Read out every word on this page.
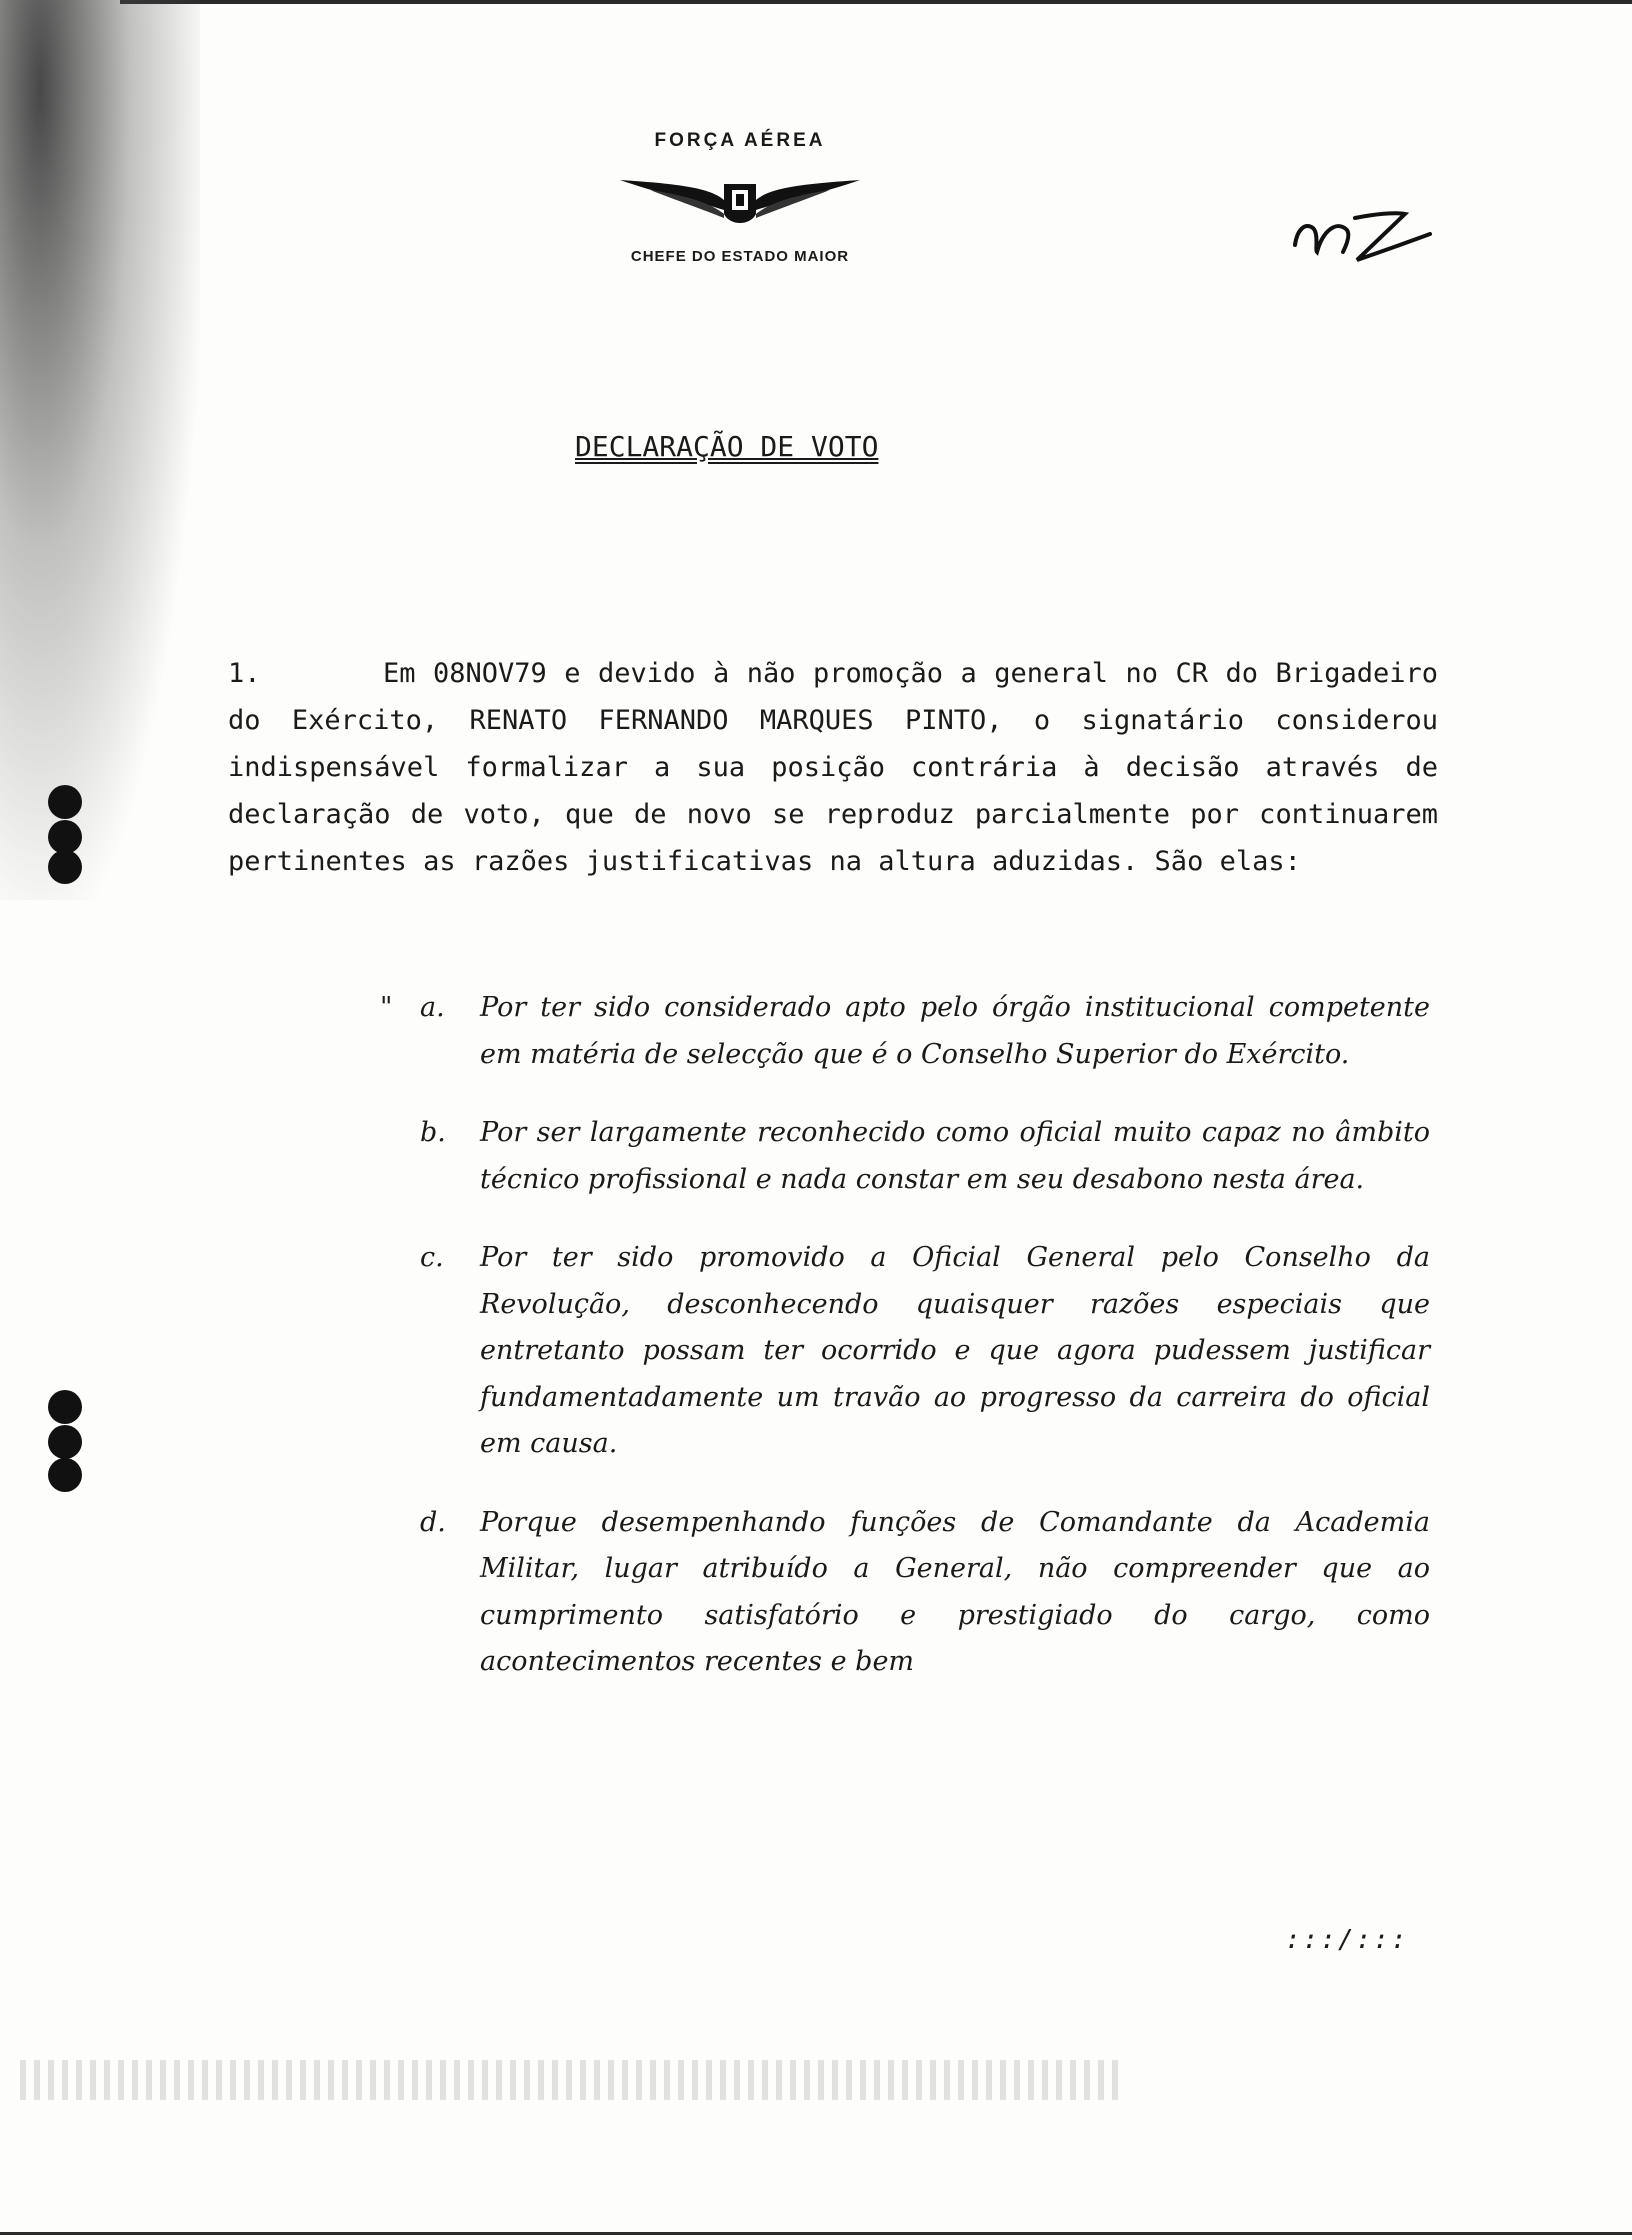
FORÇA AÉREA
CHEFE DO ESTADO MAIOR
DECLARAÇÃO DE VOTO
1.	Em 08NOV79 e devido à não promoção a general no CR do Brigadeiro do Exército, RENATO FERNANDO MARQUES PINTO, o signatário considerou indispensável formalizar a sua posição contrária à decisão através de declaração de voto, que de novo se reproduz parcialmente por continuarem pertinentes as razões justificativas na altura aduzidas. São elas:
" a. Por ter sido considerado apto pelo órgão institucional competente em matéria de selecção que é o Conselho Superior do Exército.
b. Por ser largamente reconhecido como oficial muito capaz no âmbito técnico profissional e nada constar em seu desabono nesta área.
c. Por ter sido promovido a Oficial General pelo Conselho da Revolução, desconhecendo quaisquer razões especiais que entretanto possam ter ocorrido e que agora pudessem justificar fundamentadamente um travão ao progresso da carreira do oficial em causa.
d. Porque desempenhando funções de Comandante da Academia Militar, lugar atribuído a General, não compreender que ao cumprimento satisfatório e prestigiado do cargo, como acontecimentos recentes e bem
:::/:::
